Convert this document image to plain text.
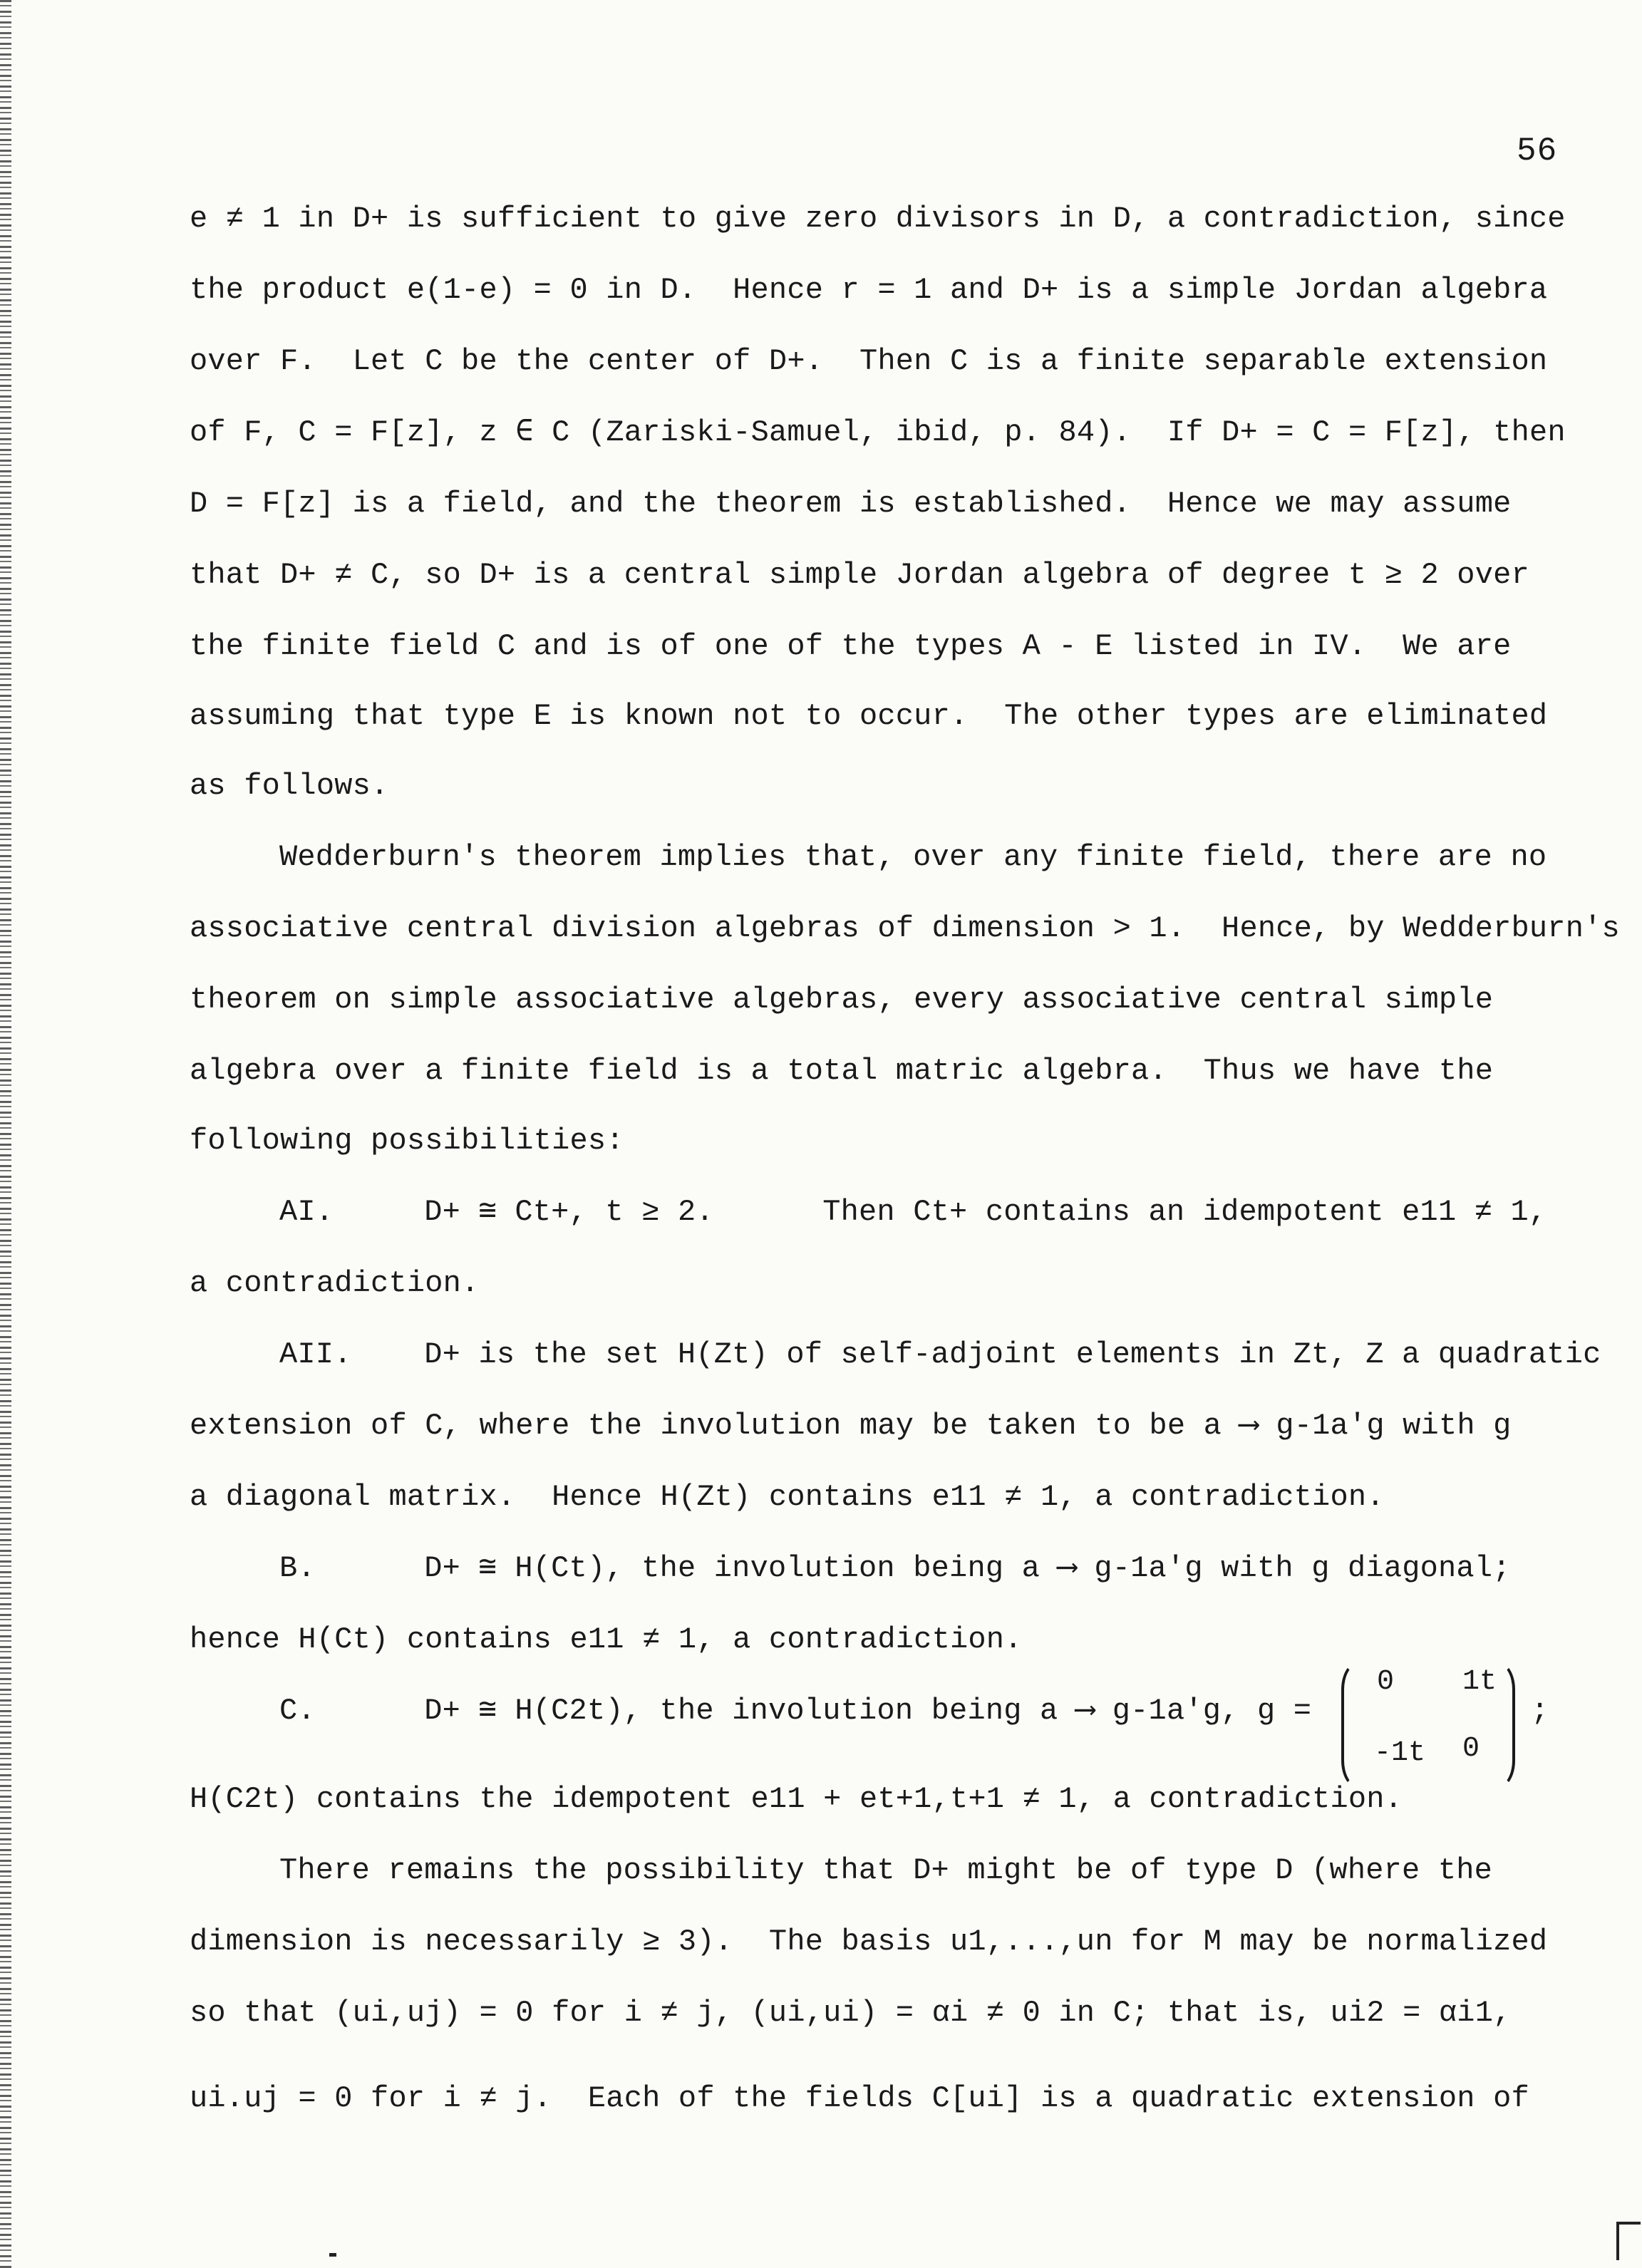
56
e ≠ 1 in D+ is sufficient to give zero divisors in D, a contradiction, since
the product e(1-e) = 0 in D.  Hence r = 1 and D+ is a simple Jordan algebra
over F.  Let C be the center of D+.  Then C is a finite separable extension
of F, C = F[z], z ∈ C (Zariski-Samuel, ibid, p. 84).  If D+ = C = F[z], then
D = F[z] is a field, and the theorem is established.  Hence we may assume
that D+ ≠ C, so D+ is a central simple Jordan algebra of degree t ≥ 2 over
the finite field C and is of one of the types A - E listed in IV.  We are
assuming that type E is known not to occur.  The other types are eliminated
as follows.
Wedderburn's theorem implies that, over any finite field, there are no
associative central division algebras of dimension > 1.  Hence, by Wedderburn's
theorem on simple associative algebras, every associative central simple
algebra over a finite field is a total matric algebra.  Thus we have the
following possibilities:
AI.     D+ ≅ Ct+, t ≥ 2.      Then Ct+ contains an idempotent e11 ≠ 1,
a contradiction.
AII.    D+ is the set H(Zt) of self-adjoint elements in Zt, Z a quadratic
extension of C, where the involution may be taken to be a ⟶ g-1a'g with g
a diagonal matrix.  Hence H(Zt) contains e11 ≠ 1, a contradiction.
B.      D+ ≅ H(Ct), the involution being a ⟶ g-1a'g with g diagonal;
hence H(Ct) contains e11 ≠ 1, a contradiction.
C.      D+ ≅ H(C2t), the involution being a ⟶ g-1a'g, g =
0 1t
-1t 0
;
H(C2t) contains the idempotent e11 + et+1,t+1 ≠ 1, a contradiction.
There remains the possibility that D+ might be of type D (where the
dimension is necessarily ≥ 3).  The basis u1,...,un for M may be normalized
so that (ui,uj) = 0 for i ≠ j, (ui,ui) = αi ≠ 0 in C; that is, ui2 = αi1,
ui.uj = 0 for i ≠ j.  Each of the fields C[ui] is a quadratic extension of
